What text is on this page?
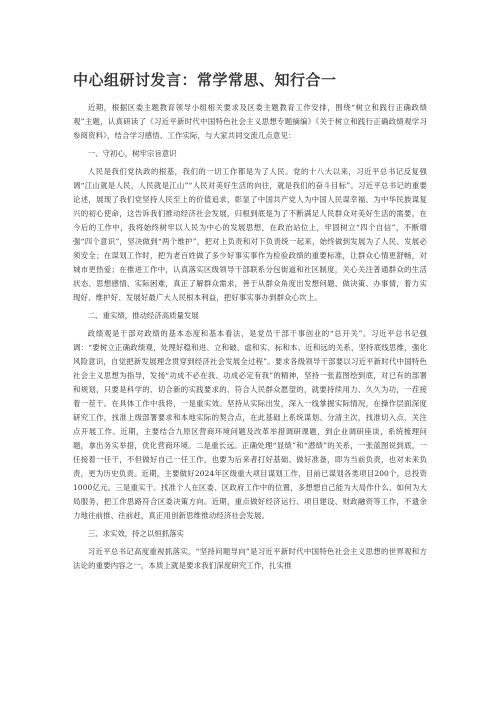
中心组研讨发言：常学常思、知行合一

近期，根据区委主题教育领导小组相关要求及区委主题教育工作安排，围绕“树立和践行正确政绩观”主题，认真研读了《习近平新时代中国特色社会主义思想专题摘编》《关于树立和践行正确政绩观学习参阅资料》，结合学习感悟、工作实际，与大家共同交流几点意见：

一、守初心，树牢宗旨意识

人民是我们党执政的根基，我们的一切工作都是为了人民。党的十八大以来，习近平总书记反复强调“江山就是人民，人民就是江山”“人民对美好生活的向往，就是我们的奋斗目标”。习近平总书记的重要论述，展现了我们党坚持人民至上的价值追求，彰显了中国共产党人为中国人民谋幸福、为中华民族谋复兴的初心使命，这告诉我们推动经济社会发展，归根到底是为了不断满足人民群众对美好生活的需要。在今后的工作中，我将始终树牢以人民为中心的发展思想，在政治站位上，牢固树立“四个自信”，不断增强“四个意识”，坚决做到“两个维护”，把对上负责和对下负责统一起来，始终做到发展为了人民、发展必须安全；在谋划工作时，把为老百姓做了多少好事实事作为检验政绩的重要标准，让群众心情更舒畅，对城市更热爱；在推进工作中，认真落实区级领导干部联系分包街道和社区制度，关心关注普通群众的生活状态、思想感情、实际困难，真正了解群众需求，善于从群众角度出发想问题、做决策、办事情，着力实现好、维护好、发展好最广大人民根本利益，把好事实事办到群众心坎上。

二、重实绩，推动经济高质量发展

政绩观是干部对政绩的基本态度和基本看法，是党员干部干事创业的“总开关”。习近平总书记强调：“要树立正确政绩观，处理好稳和进、立和破、虚和实、标和本、近和远的关系，坚持底线思维，强化风险意识，自觉把新发展理念贯穿到经济社会发展全过程”。要求各级领导干部要以习近平新时代中国特色社会主义思想为指导，发扬“功成不必在我、功成必定有我”的精神，坚持一张蓝图绘到底，对已有的部署和规划，只要是科学的、切合新的实践要求的、符合人民群众愿望的，就要持续用力、久久为功，一茬接着一茬干。在具体工作中我将，一是重实效。坚持从实际出发，深入一线掌握实际情况，在操作层面深度研究工作，找准上级部署要求和本地实际的契合点，在此基础上系统谋划、分清主次，找准切入点、关注点开展工作。近期，主要结合九原区营商环境问题及改革举措调研课题，到企业调研座谈，系统梳理问题，拿出务实举措，优化营商环境。二是重长远。正确处理“显绩”和“潜绩”的关系，一张蓝图说到底，一任接着一任干，不但做好自己一任工作，也要为后来者打好基础、做好准备，即为当前负责，也对未来负责，更为历史负责。近期，主要做好2024年区级重大项目谋划工作，目前已谋划各类项目200个，总投资1000亿元。三是重实干。找准个人在区委、区政府工作中的位置，多想想自己能为大局作什么、如何为大局服务，把工作思路符合区委决策方向。近期，重点做好经济运行、项目建设、财政融资等工作，不遗余力地往前推、往前赶，真正用创新思维推动经济社会发展。

三、求实效，持之以恒抓落实

习近平总书记高度重视抓落实。“坚持问题导向”是习近平新时代中国特色社会主义思想的世界观和方法论的重要内容之一，本质上就是要求我们深度研究工作，扎实推
